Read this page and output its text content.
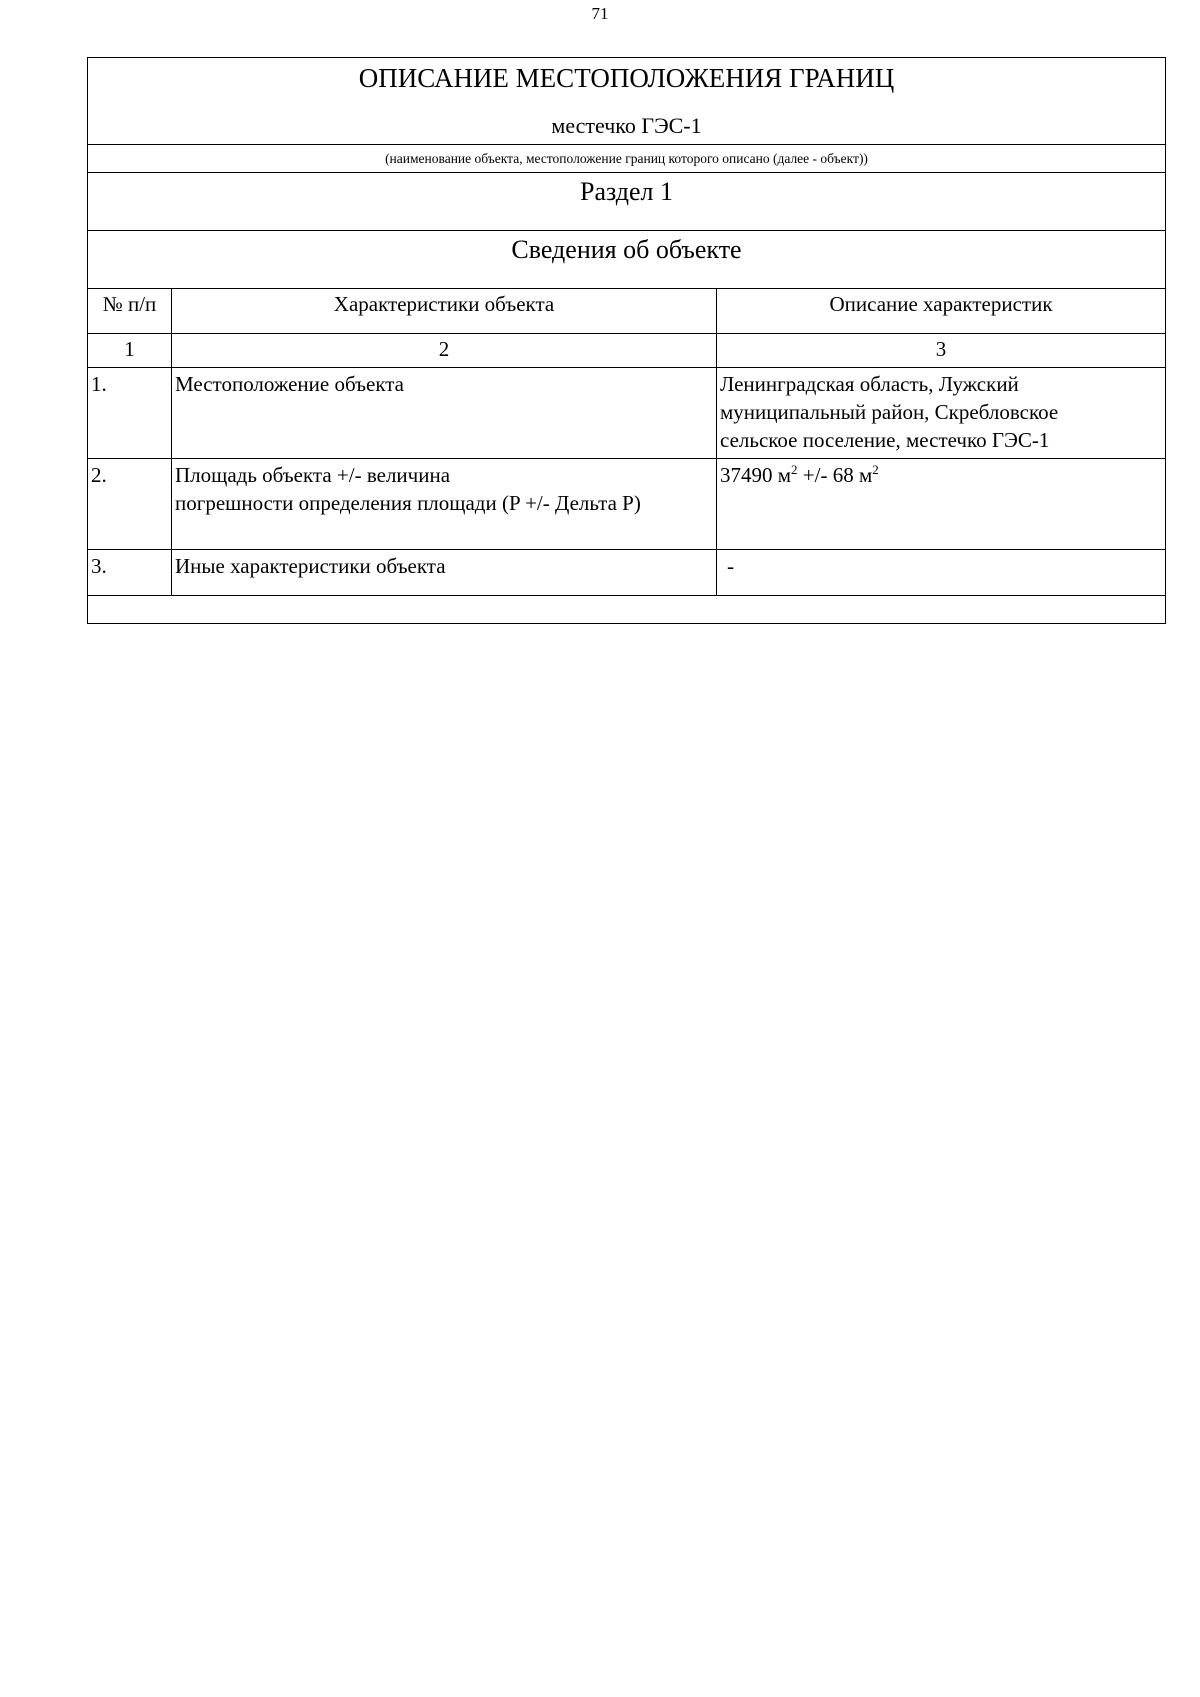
71
ОПИСАНИЕ МЕСТОПОЛОЖЕНИЯ ГРАНИЦ
местечко ГЭС-1		

(наименование объекта, местоположение границ которого описано (далее - объект))		
Раздел 1		
Сведения об объекте		
№ п/п	Характеристики объекта	Описание характеристик
1	2	3
1.	Местоположение объекта	Ленинградская область, Лужский
муниципальный район, Скребловское
сельское поселение, местечко ГЭС-1

2.	Площадь объекта +/- величина
погрешности определения площади (P +/- Дельта P)	37490 $м^2$ +/- 68 $м^2$
3.	Иные характеристики объекта	-
